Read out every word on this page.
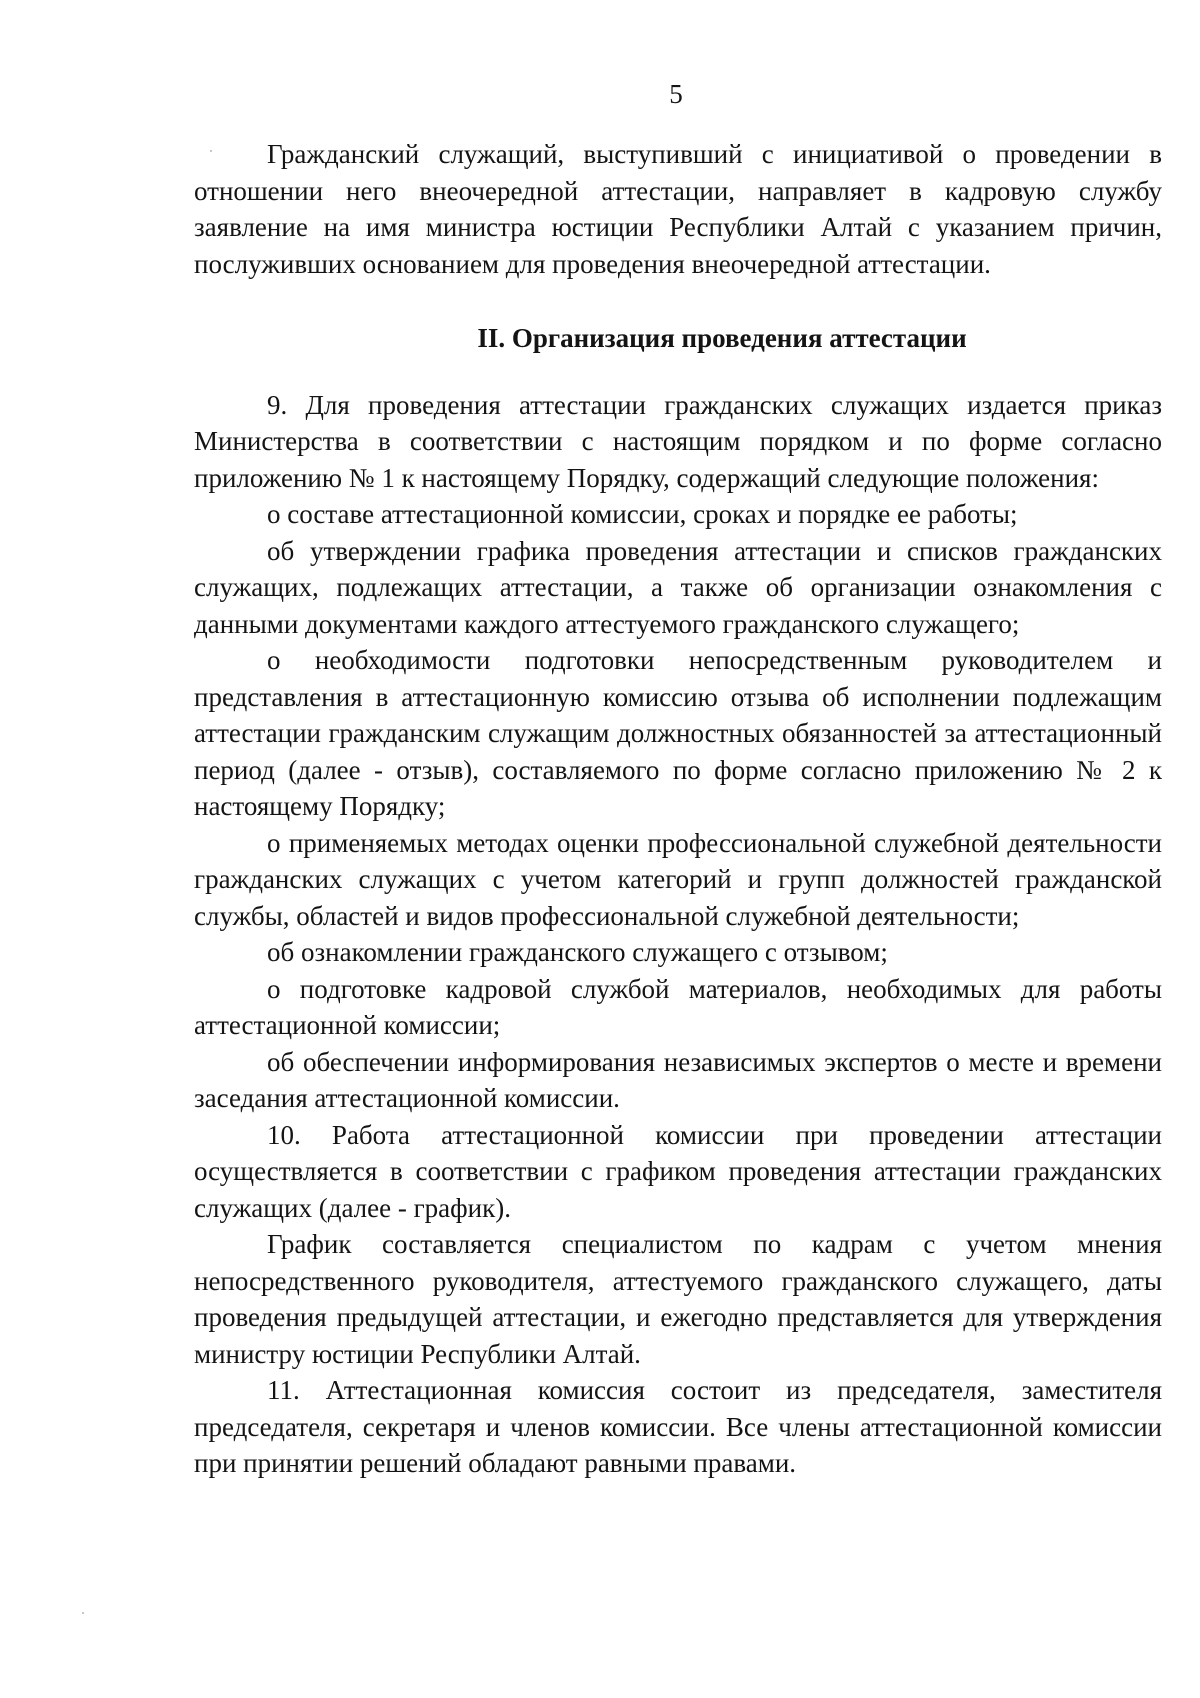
5

Гражданский служащий, выступивший с инициативой о проведении в отношении него внеочередной аттестации, направляет в кадровую службу заявление на имя министра юстиции Республики Алтай с указанием причин, послуживших основанием для проведения внеочередной аттестации.

II. Организация проведения аттестации

9. Для проведения аттестации гражданских служащих издается приказ Министерства в соответствии с настоящим порядком и по форме согласно приложению № 1 к настоящему Порядку, содержащий следующие положения:

о составе аттестационной комиссии, сроках и порядке ее работы;

об утверждении графика проведения аттестации и списков гражданских служащих, подлежащих аттестации, а также об организации ознакомления с данными документами каждого аттестуемого гражданского служащего;

о необходимости подготовки непосредственным руководителем и представления в аттестационную комиссию отзыва об исполнении подлежащим аттестации гражданским служащим должностных обязанностей за аттестационный период (далее - отзыв), составляемого по форме согласно приложению № 2 к настоящему Порядку;

о применяемых методах оценки профессиональной служебной деятельности гражданских служащих с учетом категорий и групп должностей гражданской службы, областей и видов профессиональной служебной деятельности;

об ознакомлении гражданского служащего с отзывом;

о подготовке кадровой службой материалов, необходимых для работы аттестационной комиссии;

об обеспечении информирования независимых экспертов о месте и времени заседания аттестационной комиссии.

10. Работа аттестационной комиссии при проведении аттестации осуществляется в соответствии с графиком проведения аттестации гражданских служащих (далее - график).

График составляется специалистом по кадрам с учетом мнения непосредственного руководителя, аттестуемого гражданского служащего, даты проведения предыдущей аттестации, и ежегодно представляется для утверждения министру юстиции Республики Алтай.

11. Аттестационная комиссия состоит из председателя, заместителя председателя, секретаря и членов комиссии. Все члены аттестационной комиссии при принятии решений обладают равными правами.
